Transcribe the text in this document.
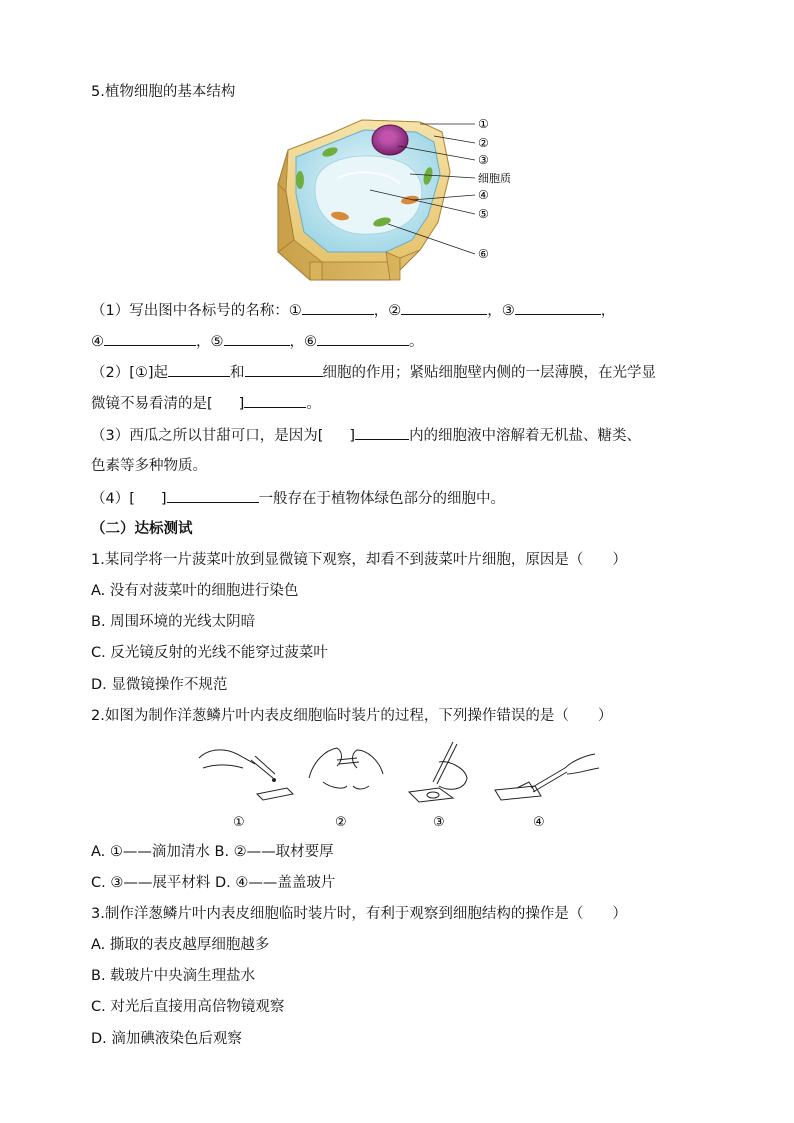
5.植物细胞的基本结构
①
②
③
细胞质
④
⑤
⑥
（1）写出图中各标号的名称：①	，②	，③	，
④	，⑤	，⑥	。
（2）[①]起	和	细胞的作用；紧贴细胞壁内侧的一层薄膜，在光学显
微镜不易看清的是[ ]	。
（3）西瓜之所以甘甜可口，是因为[ ]	内的细胞液中溶解着无机盐、糖类、
色素等多种物质。
（4）[ ]	一般存在于植物体绿色部分的细胞中。
（二）达标测试
1.某同学将一片菠菜叶放到显微镜下观察，却看不到菠菜叶片细胞，原因是（　　）
A. 没有对菠菜叶的细胞进行染色
B. 周围环境的光线太阴暗
C. 反光镜反射的光线不能穿过菠菜叶
D. 显微镜操作不规范
2.如图为制作洋葱鳞片叶内表皮细胞临时装片的过程，下列操作错误的是（　　）
①	②	③	④
A. ①——滴加清水 B. ②——取材要厚
C. ③——展平材料 D. ④——盖盖玻片
3.制作洋葱鳞片叶内表皮细胞临时装片时，有利于观察到细胞结构的操作是（　　）
A. 撕取的表皮越厚细胞越多
B. 载玻片中央滴生理盐水
C. 对光后直接用高倍物镜观察
D. 滴加碘液染色后观察
